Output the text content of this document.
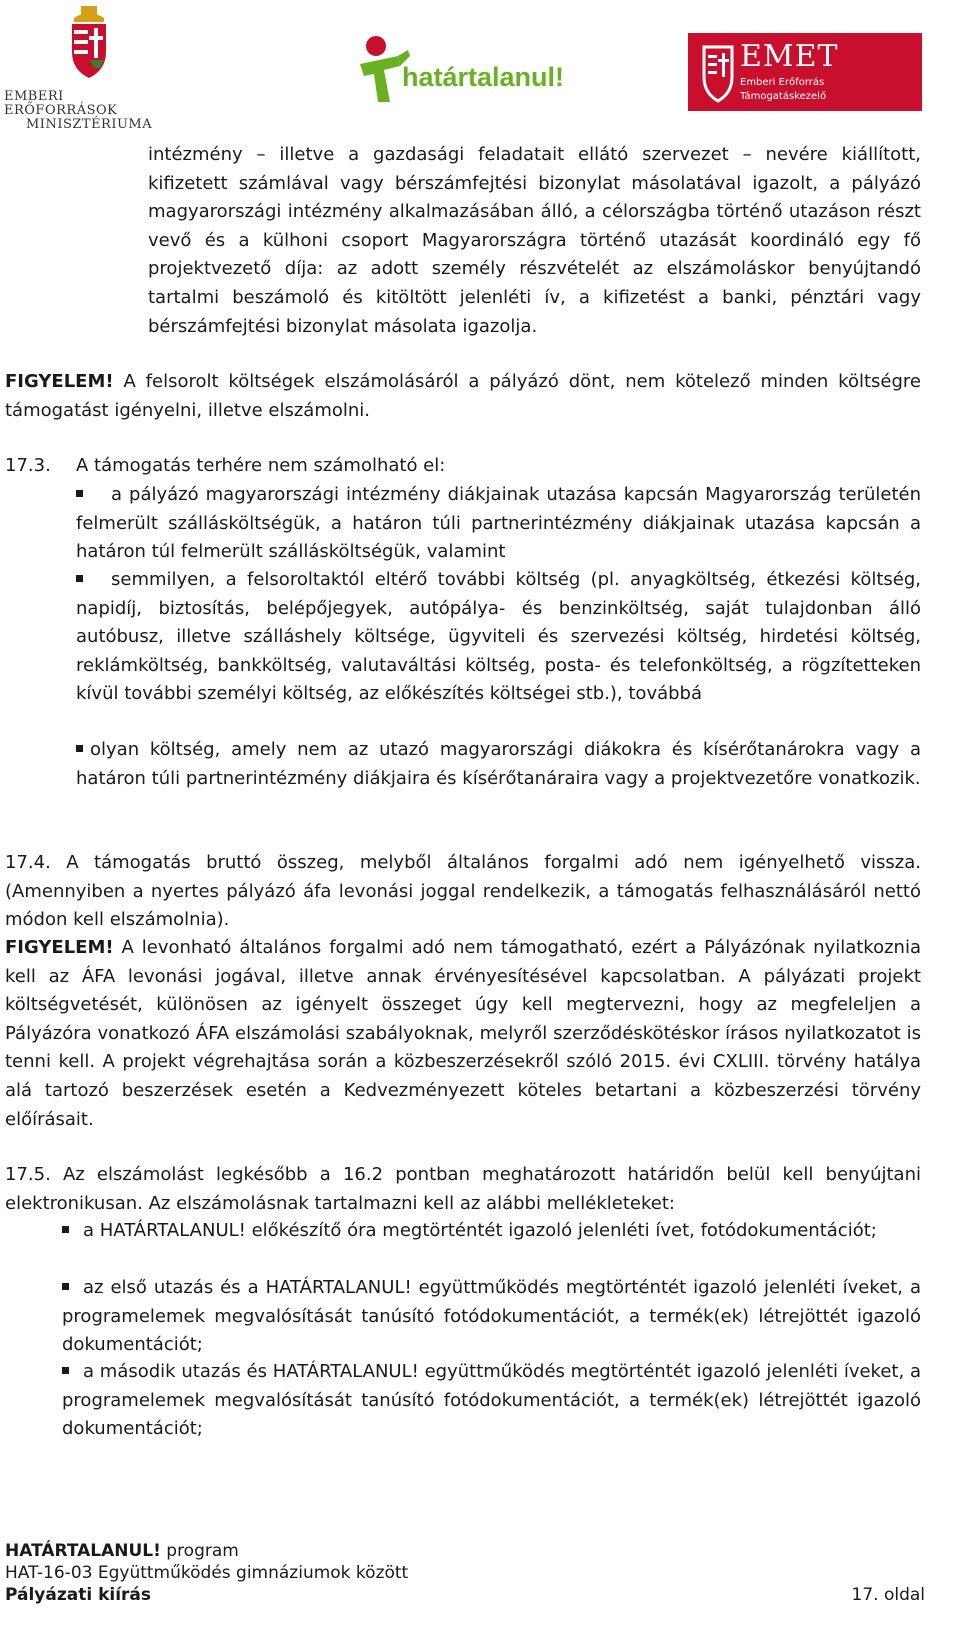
EMBERI ERŐFORRÁSOK
MINISZTÉRIUMA
határtalanul!
EMET
Emberi Erőforrás
Támogatáskezelő

intézmény – illetve a gazdasági feladatait ellátó szervezet – nevére kiállított, kifizetett számlával vagy bérszámfejtési bizonylat másolatával igazolt, a pályázó magyarországi intézmény alkalmazásában álló, a célországba történő utazáson részt vevő és a külhoni csoport Magyarországra történő utazását koordináló egy fő projektvezető díja: az adott személy részvételét az elszámoláskor benyújtandó tartalmi beszámoló és kitöltött jelenléti ív, a kifizetést a banki, pénztári vagy bérszámfejtési bizonylat másolata igazolja.

FIGYELEM! A felsorolt költségek elszámolásáról a pályázó dönt, nem kötelező minden költségre támogatást igényelni, illetve elszámolni.

17.3. A támogatás terhére nem számolható el:

a pályázó magyarországi intézmény diákjainak utazása kapcsán Magyarország területén felmerült szállásköltségük, a határon túli partnerintézmény diákjainak utazása kapcsán a határon túl felmerült szállásköltségük, valamint

semmilyen, a felsoroltaktól eltérő további költség (pl. anyagköltség, étkezési költség, napidíj, biztosítás, belépőjegyek, autópálya- és benzinköltség, saját tulajdonban álló autóbusz, illetve szálláshely költsége, ügyviteli és szervezési költség, hirdetési költség, reklámköltség, bankköltség, valutaváltási költség, posta- és telefonköltség, a rögzítetteken kívül további személyi költség, az előkészítés költségei stb.), továbbá

olyan költség, amely nem az utazó magyarországi diákokra és kísérőtanárokra vagy a határon túli partnerintézmény diákjaira és kísérőtanáraira vagy a projektvezetőre vonatkozik.

17.4. A támogatás bruttó összeg, melyből általános forgalmi adó nem igényelhető vissza. (Amennyiben a nyertes pályázó áfa levonási joggal rendelkezik, a támogatás felhasználásáról nettó módon kell elszámolnia).

FIGYELEM! A levonható általános forgalmi adó nem támogatható, ezért a Pályázónak nyilatkoznia kell az ÁFA levonási jogával, illetve annak érvényesítésével kapcsolatban. A pályázati projekt költségvetését, különösen az igényelt összeget úgy kell megtervezni, hogy az megfeleljen a Pályázóra vonatkozó ÁFA elszámolási szabályoknak, melyről szerződéskötéskor írásos nyilatkozatot is tenni kell. A projekt végrehajtása során a közbeszerzésekről szóló 2015. évi CXLIII. törvény hatálya alá tartozó beszerzések esetén a Kedvezményezett köteles betartani a közbeszerzési törvény előírásait.

17.5. Az elszámolást legkésőbb a 16.2 pontban meghatározott határidőn belül kell benyújtani elektronikusan. Az elszámolásnak tartalmazni kell az alábbi mellékleteket:

a HATÁRTALANUL! előkészítő óra megtörténtét igazoló jelenléti ívet, fotódokumentációt;

az első utazás és a HATÁRTALANUL! együttműködés megtörténtét igazoló jelenléti íveket, a programelemek megvalósítását tanúsító fotódokumentációt, a termék(ek) létrejöttét igazoló dokumentációt;

a második utazás és HATÁRTALANUL! együttműködés megtörténtét igazoló jelenléti íveket, a programelemek megvalósítását tanúsító fotódokumentációt, a termék(ek) létrejöttét igazoló dokumentációt;

HATÁRTALANUL! program
HAT-16-03 Együttműködés gimnáziumok között
Pályázati kiírás	17. oldal
